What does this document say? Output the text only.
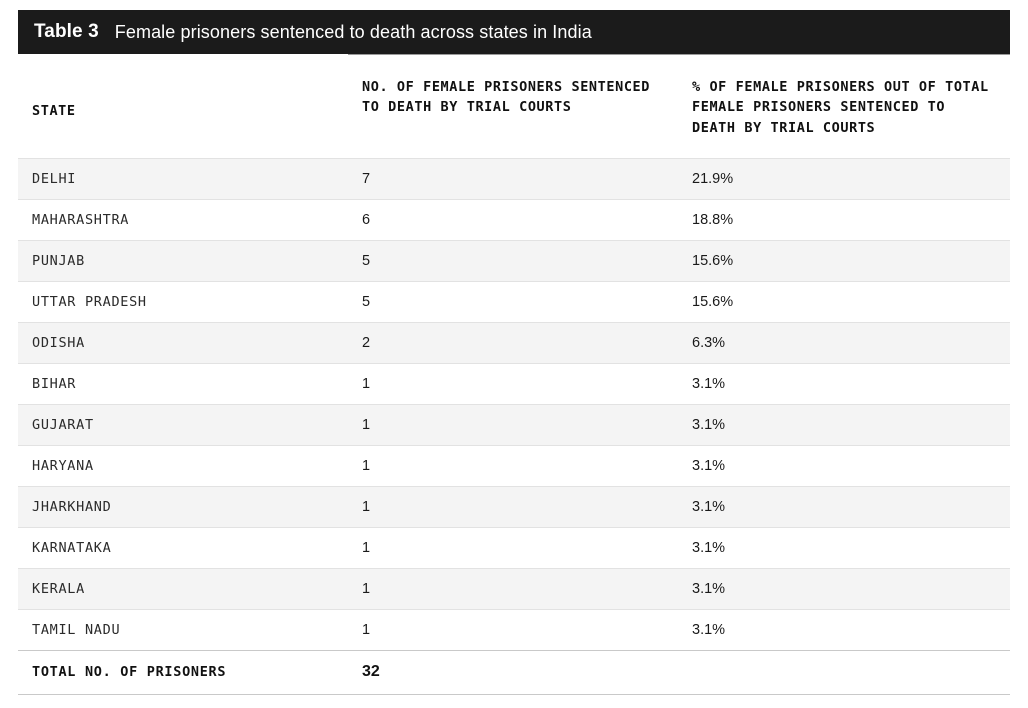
Table 3 Female prisoners sentenced to death across states in India
STATE	NO. OF FEMALE PRISONERS SENTENCED TO DEATH BY TRIAL COURTS	% OF FEMALE PRISONERS OUT OF TOTAL FEMALE PRISONERS SENTENCED TO DEATH BY TRIAL COURTS
DELHI	7	21.9%
MAHARASHTRA	6	18.8%
PUNJAB	5	15.6%
UTTAR PRADESH	5	15.6%
ODISHA	2	6.3%
BIHAR	1	3.1%
GUJARAT	1	3.1%
HARYANA	1	3.1%
JHARKHAND	1	3.1%
KARNATAKA	1	3.1%
KERALA	1	3.1%
TAMIL NADU	1	3.1%
TOTAL NO. OF PRISONERS	32	
